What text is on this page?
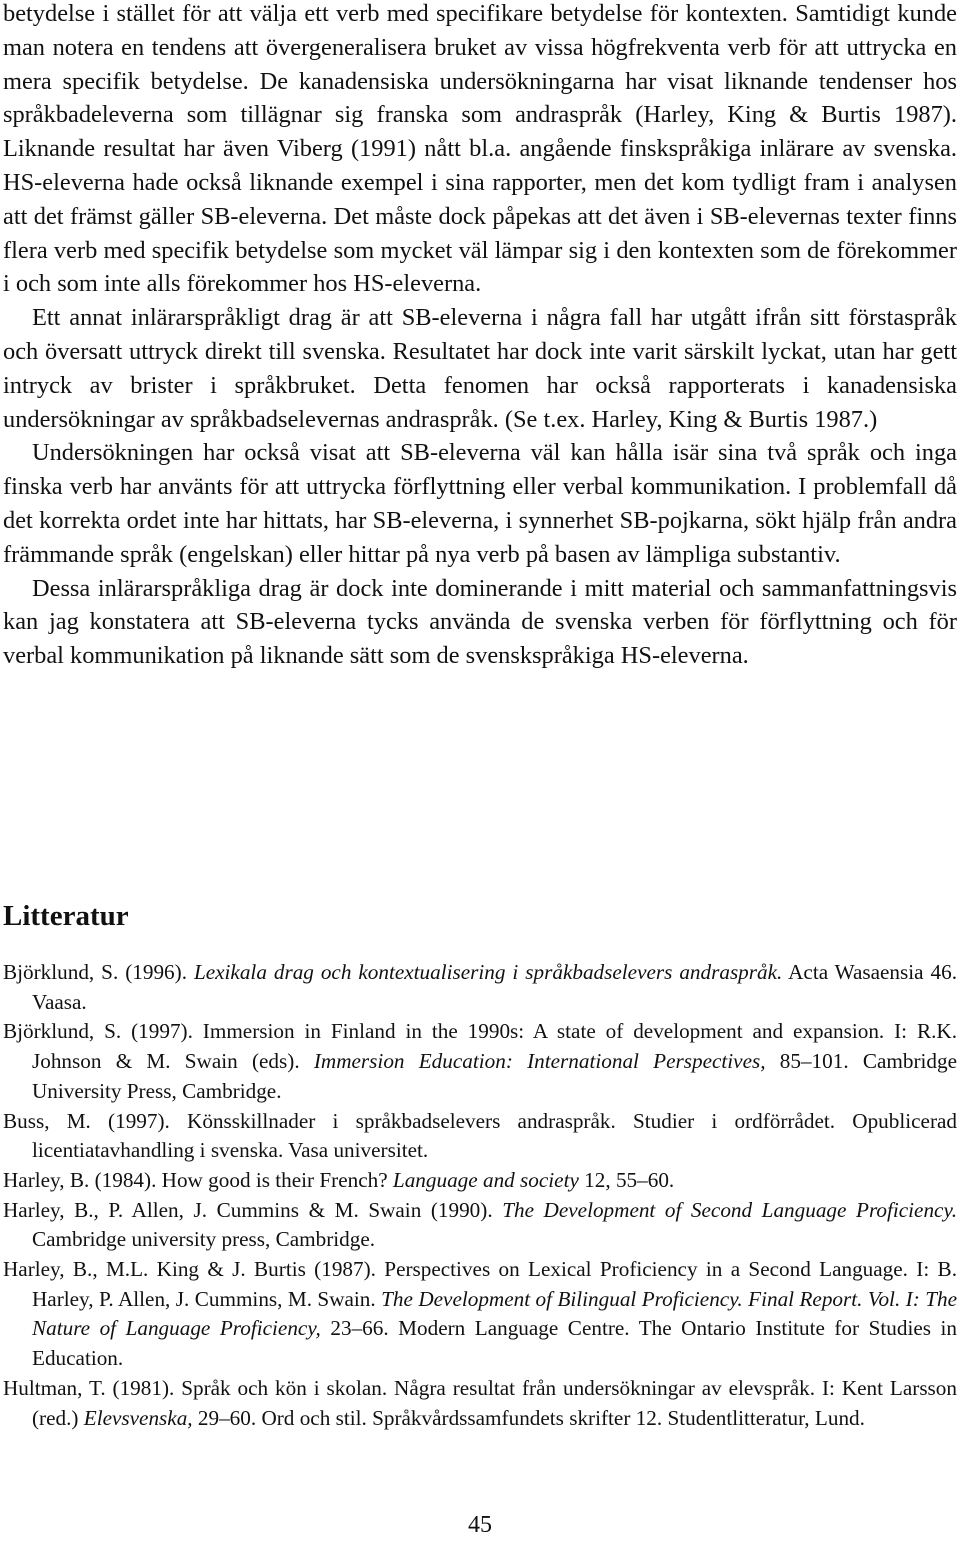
betydelse i stället för att välja ett verb med specifikare betydelse för kontexten. Samtidigt kunde man notera en tendens att övergeneralisera bruket av vissa högfrekventa verb för att uttrycka en mera specifik betydelse. De kanadensiska undersökningarna har visat liknande tendenser hos språkbadeleverna som tillägnar sig franska som andraspråk (Harley, King & Burtis 1987). Liknande resultat har även Viberg (1991) nått bl.a. angående finskspråkiga inlärare av svenska. HS-eleverna hade också liknande exempel i sina rapporter, men det kom tydligt fram i analysen att det främst gäller SB-eleverna. Det måste dock påpekas att det även i SB-elevernas texter finns flera verb med specifik betydelse som mycket väl lämpar sig i den kontexten som de förekommer i och som inte alls förekommer hos HS-eleverna.

Ett annat inlärarspråkligt drag är att SB-eleverna i några fall har utgått ifrån sitt förstaspråk och översatt uttryck direkt till svenska. Resultatet har dock inte varit särskilt lyckat, utan har gett intryck av brister i språkbruket. Detta fenomen har också rapporterats i kanadensiska undersökningar av språkbadselevernas andraspråk. (Se t.ex. Harley, King & Burtis 1987.)

Undersökningen har också visat att SB-eleverna väl kan hålla isär sina två språk och inga finska verb har använts för att uttrycka förflyttning eller verbal kommunikation. I problemfall då det korrekta ordet inte har hittats, har SB-eleverna, i synnerhet SB-pojkarna, sökt hjälp från andra främmande språk (engelskan) eller hittar på nya verb på basen av lämpliga substantiv.

Dessa inlärarspråkliga drag är dock inte dominerande i mitt material och sammanfattningsvis kan jag konstatera att SB-eleverna tycks använda de svenska verben för förflyttning och för verbal kommunikation på liknande sätt som de svenskspråkiga HS-eleverna.

Litteratur
Björklund, S. (1996). Lexikala drag och kontextualisering i språkbadselevers andraspråk. Acta Wasaensia 46. Vaasa.
Björklund, S. (1997). Immersion in Finland in the 1990s: A state of development and expansion. I: R.K. Johnson & M. Swain (eds). Immersion Education: International Perspectives, 85–101. Cambridge University Press, Cambridge.
Buss, M. (1997). Könsskillnader i språkbadselevers andraspråk. Studier i ordförrådet. Opublicerad licentiatavhandling i svenska. Vasa universitet.
Harley, B. (1984). How good is their French? Language and society 12, 55–60.
Harley, B., P. Allen, J. Cummins & M. Swain (1990). The Development of Second Language Proficiency. Cambridge university press, Cambridge.
Harley, B., M.L. King & J. Burtis (1987). Perspectives on Lexical Proficiency in a Second Language. I: B. Harley, P. Allen, J. Cummins, M. Swain. The Development of Bilingual Proficiency. Final Report. Vol. I: The Nature of Language Proficiency, 23–66. Modern Language Centre. The Ontario Institute for Studies in Education.
Hultman, T. (1981). Språk och kön i skolan. Några resultat från undersökningar av elevspråk. I: Kent Larsson (red.) Elevsvenska, 29–60. Ord och stil. Språkvårdssamfundets skrifter 12. Studentlitteratur, Lund.
45
